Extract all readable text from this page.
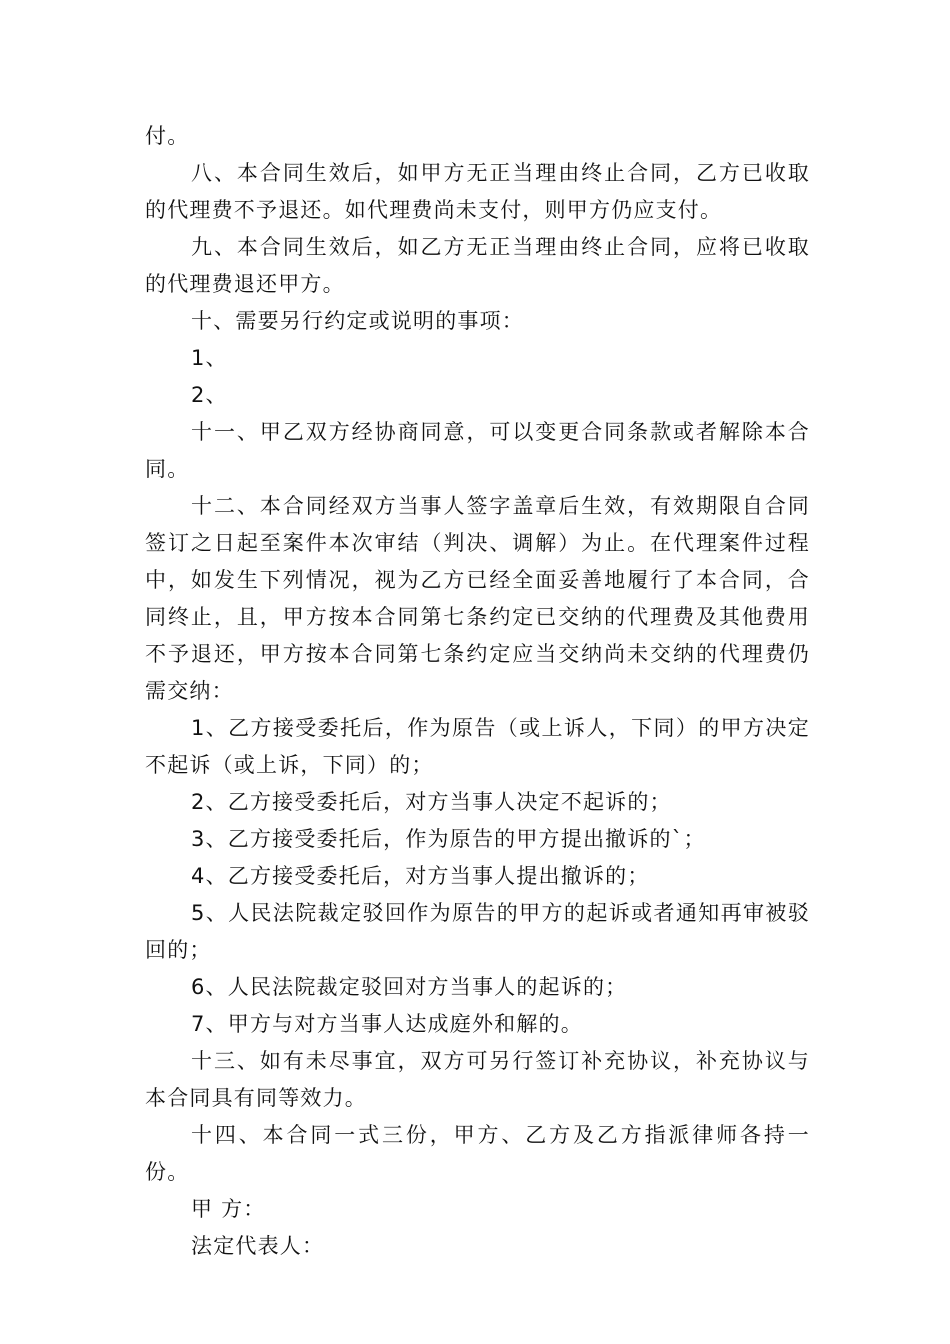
付。

八、本合同生效后，如甲方无正当理由终止合同，乙方已收取的代理费不予退还。如代理费尚未支付，则甲方仍应支付。

九、本合同生效后，如乙方无正当理由终止合同，应将已收取的代理费退还甲方。

十、需要另行约定或说明的事项：

1、

2、

十一、甲乙双方经协商同意，可以变更合同条款或者解除本合同。

十二、本合同经双方当事人签字盖章后生效，有效期限自合同签订之日起至案件本次审结（判决、调解）为止。在代理案件过程中，如发生下列情况，视为乙方已经全面妥善地履行了本合同，合同终止，且，甲方按本合同第七条约定已交纳的代理费及其他费用不予退还，甲方按本合同第七条约定应当交纳尚未交纳的代理费仍需交纳：

1、乙方接受委托后，作为原告（或上诉人，下同）的甲方决定不起诉（或上诉，下同）的；

2、乙方接受委托后，对方当事人决定不起诉的；

3、乙方接受委托后，作为原告的甲方提出撤诉的`；

4、乙方接受委托后，对方当事人提出撤诉的；

5、人民法院裁定驳回作为原告的甲方的起诉或者通知再审被驳回的；

6、人民法院裁定驳回对方当事人的起诉的；

7、甲方与对方当事人达成庭外和解的。

十三、如有未尽事宜，双方可另行签订补充协议，补充协议与本合同具有同等效力。

十四、本合同一式三份，甲方、乙方及乙方指派律师各持一份。

甲 方：

法定代表人：
